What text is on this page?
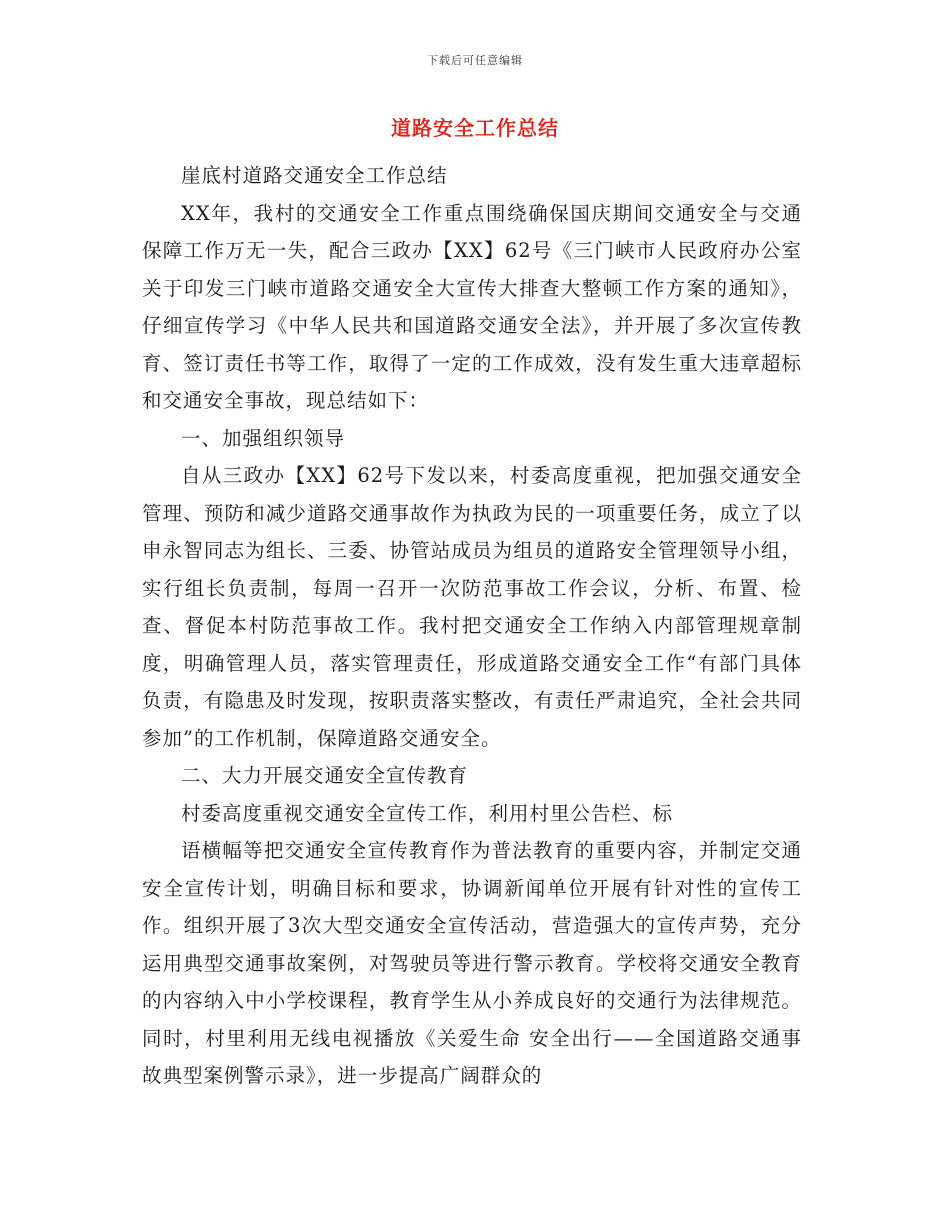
下载后可任意编辑
道路安全工作总结

崖底村道路交通安全工作总结

XX年，我村的交通安全工作重点围绕确保国庆期间交通安全与交通保障工作万无一失，配合三政办【XX】62号《三门峡市人民政府办公室关于印发三门峡市道路交通安全大宣传大排查大整顿工作方案的通知》，仔细宣传学习《中华人民共和国道路交通安全法》，并开展了多次宣传教育、签订责任书等工作，取得了一定的工作成效，没有发生重大违章超标和交通安全事故，现总结如下：

一、加强组织领导

自从三政办【XX】62号下发以来，村委高度重视，把加强交通安全管理、预防和减少道路交通事故作为执政为民的一项重要任务，成立了以申永智同志为组长、三委、协管站成员为组员的道路安全管理领导小组，实行组长负责制，每周一召开一次防范事故工作会议，分析、布置、检查、督促本村防范事故工作。我村把交通安全工作纳入内部管理规章制度，明确管理人员，落实管理责任，形成道路交通安全工作“有部门具体负责，有隐患及时发现，按职责落实整改，有责任严肃追究，全社会共同参加”的工作机制，保障道路交通安全。

二、大力开展交通安全宣传教育

村委高度重视交通安全宣传工作，利用村里公告栏、标

语横幅等把交通安全宣传教育作为普法教育的重要内容，并制定交通安全宣传计划，明确目标和要求，协调新闻单位开展有针对性的宣传工作。组织开展了3次大型交通安全宣传活动，营造强大的宣传声势，充分运用典型交通事故案例，对驾驶员等进行警示教育。学校将交通安全教育的内容纳入中小学校课程，教育学生从小养成良好的交通行为法律规范。同时，村里利用无线电视播放《关爱生命 安全出行——全国道路交通事故典型案例警示录》，进一步提高广阔群众的
